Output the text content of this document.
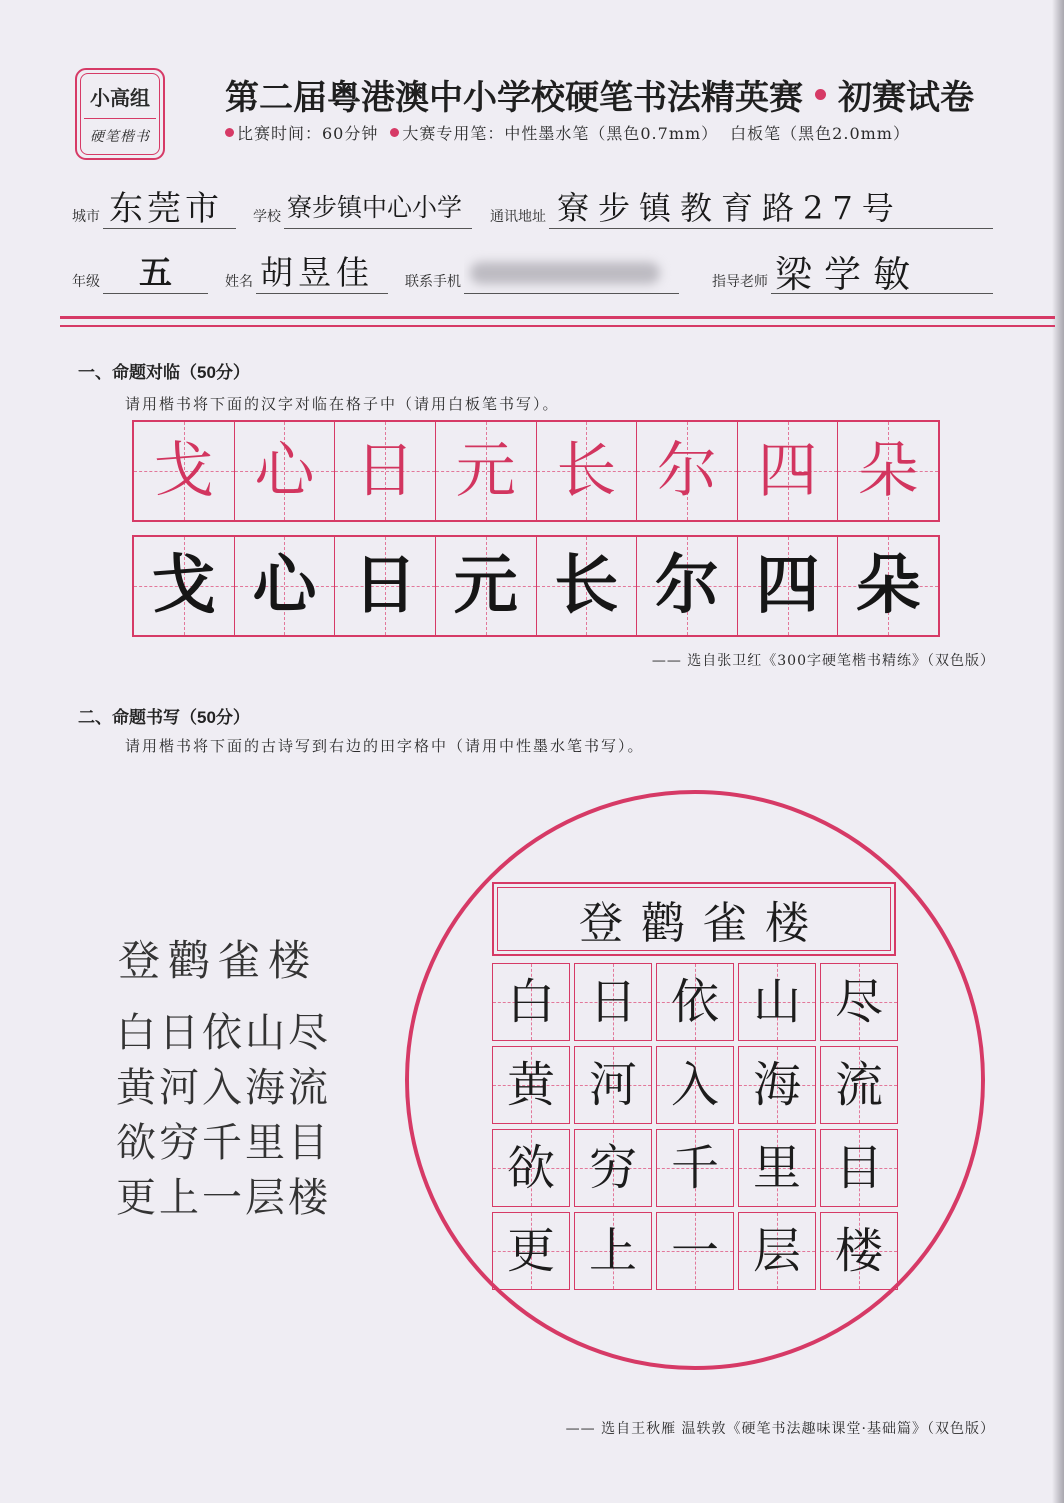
小高组
硬笔楷书
第二届粤港澳中小学校硬笔书法精英赛 初赛试卷
比赛时间：60分钟 大赛专用笔：中性墨水笔（黑色0.7mm） 白板笔（黑色2.0mm）
城市 东莞市	学校 寮步镇中心小学	通讯地址 寮步镇教育路27号
年级	五	姓名 胡昱佳	联系手机	指导老师 梁学敏
一、命题对临（50分）
请用楷书将下面的汉字对临在格子中（请用白板笔书写）。
戈 心 日 元 长 尔 四 朵
戈 心 日 元 长 尔 四 朵
—— 选自张卫红《300字硬笔楷书精练》（双色版）
二、命题书写（50分）
请用楷书将下面的古诗写到右边的田字格中（请用中性墨水笔书写）。
登鹳雀楼
白日依山尽
黄河入海流
欲穷千里目
更上一层楼
登鹳雀楼
白 日 依 山 尽
黄 河 入 海 流
欲 穷 千 里 目
更 上 一 层 楼
—— 选自王秋雁 温轶敦《硬笔书法趣味课堂·基础篇》（双色版）
